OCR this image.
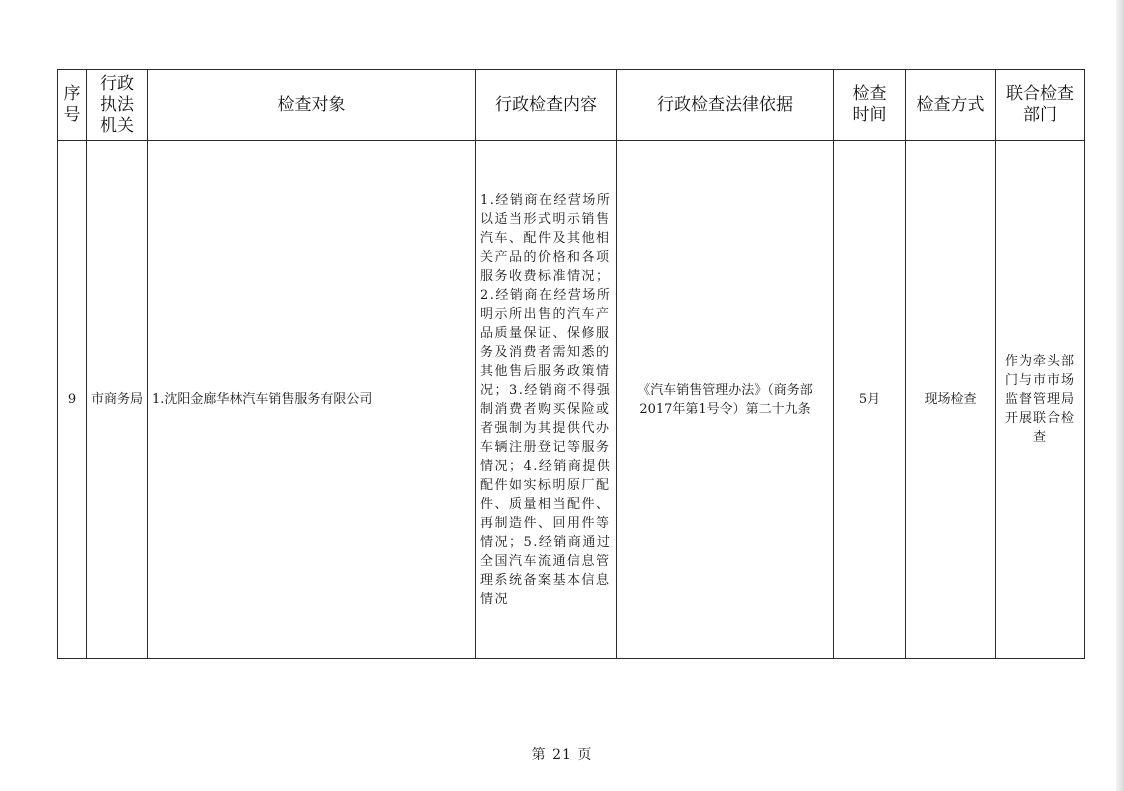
序号	行政执法机关	检查对象	行政检查内容	行政检查法律依据	检查时间	检查方式	联合检查部门
9	市商务局	1.沈阳金廊华林汽车销售服务有限公司	1.经销商在经营场所以适当形式明示销售汽车、配件及其他相关产品的价格和各项服务收费标准情况；2.经销商在经营场所明示所出售的汽车产品质量保证、保修服务及消费者需知悉的其他售后服务政策情况；3.经销商不得强制消费者购买保险或者强制为其提供代办车辆注册登记等服务情况；4.经销商提供配件如实标明原厂配件、质量相当配件、再制造件、回用件等情况；5.经销商通过全国汽车流通信息管理系统备案基本信息情况	《汽车销售管理办法》（商务部2017年第1号令）第二十九条	5月	现场检查	作为牵头部门与市市场监督管理局开展联合检查
第 21 页
